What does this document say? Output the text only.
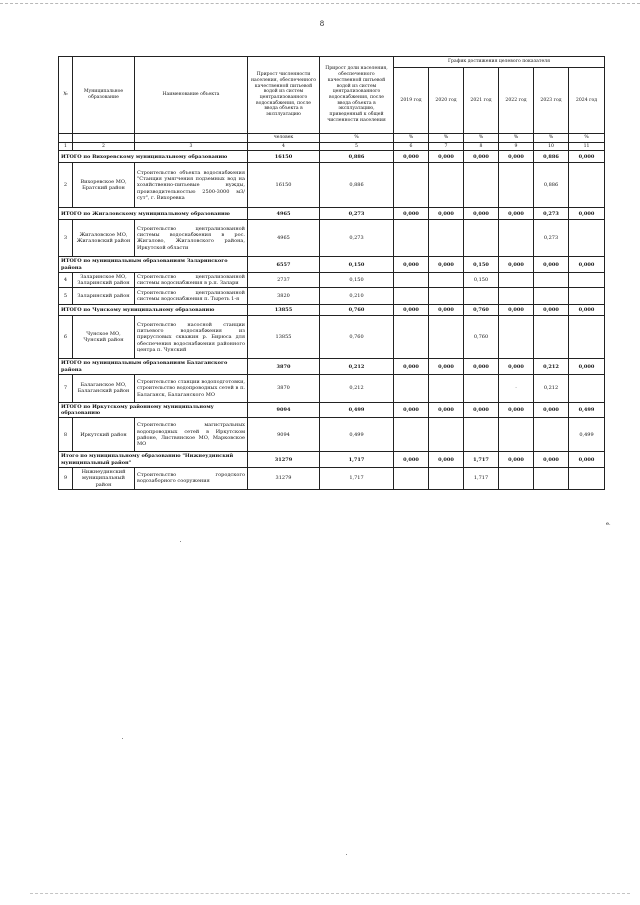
8
№	Муниципальное образование	Наименование объекта	Прирост численности населения, обеспеченного качественной питьевой водой из систем централизованного водоснабжения, после ввода объекта в эксплуатацию	Прирост доли населения, обеспеченного качественной питьевой водой из систем централизованного водоснабжения, после ввода объекта в эксплуатацию, приведенный к общей численности населения	График достижения целевого показателя					
					2019 год	2020 год	2021 год	2022 год	2023 год	2024 год
			человек	%	%	%	%	%	%	%
1	2	3	4	5	6	7	8	9	10	11
ИТОГО по Вихоревскому муниципальному образованию			16150	0,886	0,000	0,000	0,000	0,000	0,886	0,000
2	Вихоревское МО, Братский район	Строительство объекта водоснабжения "Станция умягчения подземных вод на хозяйственно-питьевые нужды, производительностью 2500-3000 м3/сут", г. Вихоревка	16150	0,886					0,886	
ИТОГО по Жигаловскому муниципальному образованию			4965	0,273	0,000	0,000	0,000	0,000	0,273	0,000
3	Жигаловское МО, Жигаловский район	Строительство централизованной системы водоснабжения в рос. Жигалово, Жигаловского района, Иркутской области	4965	0,273					0,273	
ИТОГО по муниципальным образованиям Заларинского района			6557	0,150	0,000	0,000	0,150	0,000	0,000	0,000
4	Заларинское МО, Заларинский район	Строительство централизованной системы водоснабжения в р.п. Залари	2737	0,150			0,150			
5	Заларинский район	Строительство централизованной системы водоснабжения п. Тыреть 1-я	3820	0,210						
ИТОГО по Чунскому муниципальному образованию			13855	0,760	0,000	0,000	0,760	0,000	0,000	0,000
6	Чунское МО, Чунский район	Строительство насосной станции питьевого водоснабжения из прирусловых скважин р. Бирюса для обеспечения водоснабжения районного центра п. Чунский	13855	0,760			0,760			
ИТОГО по муниципальным образованиям Балаганского района			3870	0,212	0,000	0,000	0,000	0,000	0,212	0,000
7	Балаганское МО, Балаганский район	Строительство станции водоподготовки, строительство водопроводных сетей в п. Балаганск, Балаганского МО	3870	0,212				·	0,212	
ИТОГО по Иркутскому районному муниципальному образованию			9094	0,499	0,000	0,000	0,000	0,000	0,000	0,499
8	Иркутский район	Строительство магистральных водопроводных сетей в Иркутском районе, Листвянское МО, Марковское МО	9094	0,499						0,499
Итого по муниципальному образованию "Нижнеудинский муниципальный район"			31279	1,717	0,000	0,000	1,717	0,000	0,000	0,000
9	Нижнеудинский муниципальный район	Строительство городского водозаборного сооружения	31279	1,717			1,717			
е.
